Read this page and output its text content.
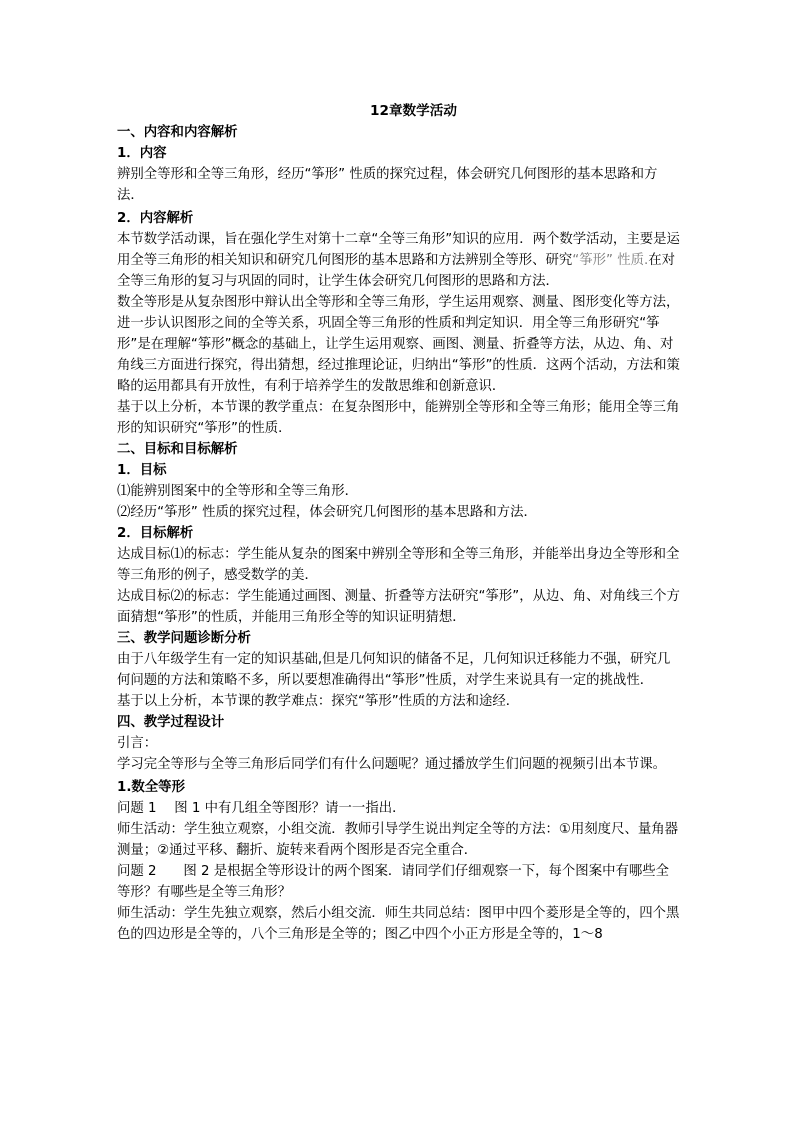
12章数学活动
一、内容和内容解析
1．内容

辨别全等形和全等三角形，经历“筝形” 性质的探究过程，体会研究几何图形的基本思路和方法．

2．内容解析

本节数学活动课，旨在强化学生对第十二章“全等三角形”知识的应用．两个数学活动，主要是运用全等三角形的相关知识和研究几何图形的基本思路和方法辨别全等形、研究“筝形” 性质.在对全等三角形的复习与巩固的同时，让学生体会研究几何图形的思路和方法．

数全等形是从复杂图形中辩认出全等形和全等三角形，学生运用观察、测量、图形变化等方法，进一步认识图形之间的全等关系，巩固全等三角形的性质和判定知识．用全等三角形研究“筝形”是在理解“筝形”概念的基础上，让学生运用观察、画图、测量、折叠等方法，从边、角、对角线三方面进行探究，得出猜想，经过推理论证，归纳出“筝形”的性质．这两个活动，方法和策略的运用都具有开放性，有利于培养学生的发散思维和创新意识．

基于以上分析，本节课的教学重点：在复杂图形中，能辨别全等形和全等三角形；能用全等三角形的知识研究“筝形”的性质．

二、目标和目标解析
1．目标

⑴能辨别图案中的全等形和全等三角形．

⑵经历“筝形” 性质的探究过程，体会研究几何图形的基本思路和方法．

2．目标解析

达成目标⑴的标志：学生能从复杂的图案中辨别全等形和全等三角形，并能举出身边全等形和全等三角形的例子，感受数学的美．

达成目标⑵的标志：学生能通过画图、测量、折叠等方法研究“筝形”，从边、角、对角线三个方面猜想“筝形”的性质，并能用三角形全等的知识证明猜想．

三、教学问题诊断分析

由于八年级学生有一定的知识基础,但是几何知识的储备不足，几何知识迁移能力不强，研究几何问题的方法和策略不多，所以要想准确得出“筝形”性质，对学生来说具有一定的挑战性．

基于以上分析，本节课的教学难点：探究“筝形”性质的方法和途经．

四、教学过程设计

引言：

学习完全等形与全等三角形后同学们有什么问题呢？通过播放学生们问题的视频引出本节课。

1.数全等形

问题 1　 图 1 中有几组全等图形？请一一指出．

师生活动：学生独立观察，小组交流．教师引导学生说出判定全等的方法：①用刻度尺、量角器测量；②通过平移、翻折、旋转来看两个图形是否完全重合．

问题 2　　图 2 是根据全等形设计的两个图案．请同学们仔细观察一下，每个图案中有哪些全等形？有哪些是全等三角形？

师生活动：学生先独立观察，然后小组交流．师生共同总结：图甲中四个菱形是全等的，四个黑色的四边形是全等的，八个三角形是全等的；图乙中四个小正方形是全等的，1～8
